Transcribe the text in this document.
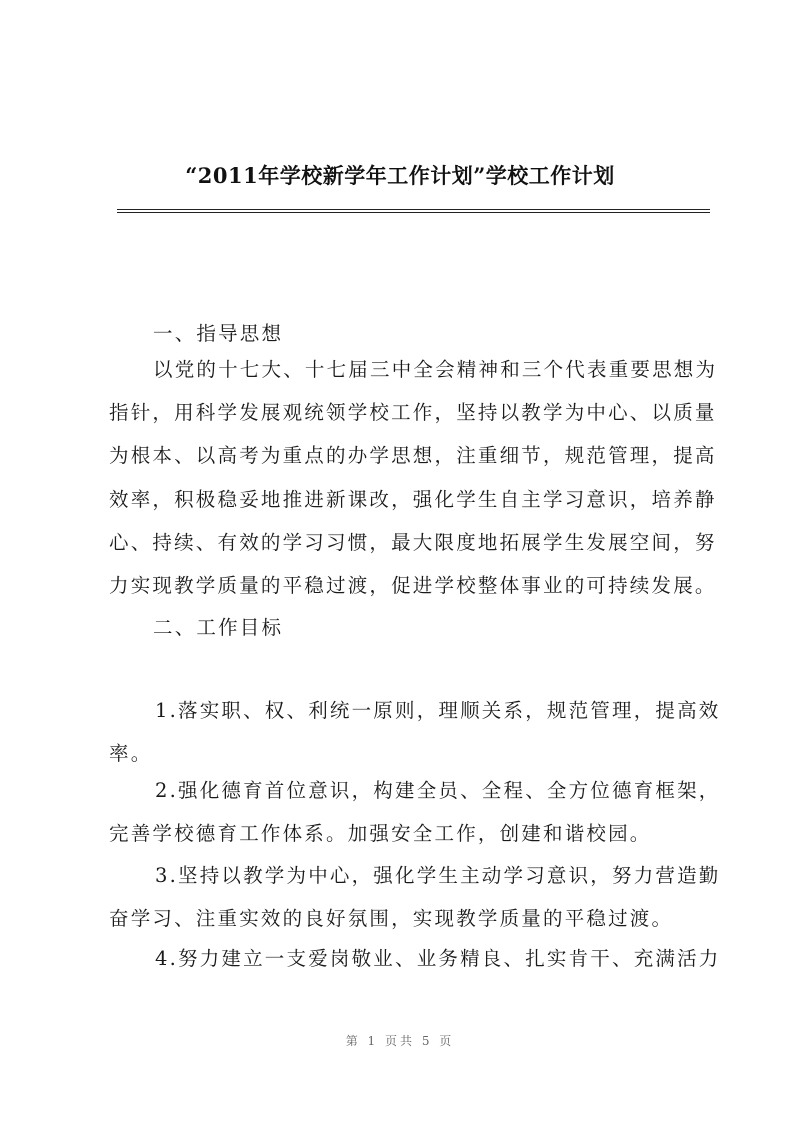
“2011年学校新学年工作计划”学校工作计划
一、指导思想
以党的十七大、十七届三中全会精神和三个代表重要思想为
指针，用科学发展观统领学校工作，坚持以教学为中心、以质量
为根本、以高考为重点的办学思想，注重细节，规范管理，提高
效率，积极稳妥地推进新课改，强化学生自主学习意识，培养静
心、持续、有效的学习习惯，最大限度地拓展学生发展空间，努
力实现教学质量的平稳过渡，促进学校整体事业的可持续发展。
二、工作目标
1.落实职、权、利统一原则，理顺关系，规范管理，提高效
率。
2.强化德育首位意识，构建全员、全程、全方位德育框架，
完善学校德育工作体系。加强安全工作，创建和谐校园。
3.坚持以教学为中心，强化学生主动学习意识，努力营造勤
奋学习、注重实效的良好氛围，实现教学质量的平稳过渡。
4.努力建立一支爱岗敬业、业务精良、扎实肯干、充满活力
第 1 页共 5 页
